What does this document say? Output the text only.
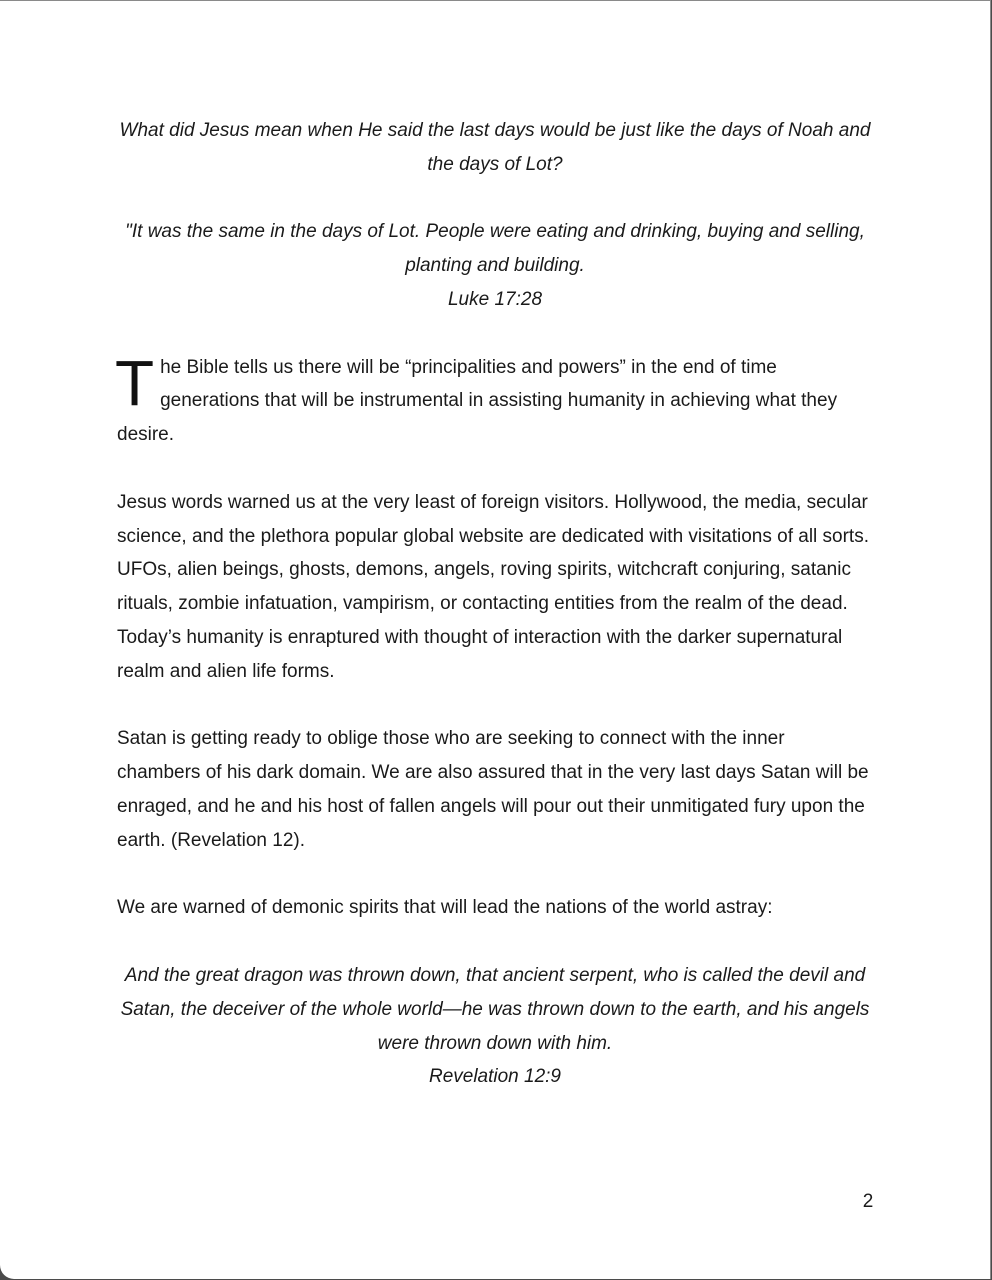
What did Jesus mean when He said the last days would be just like the days of Noah and the days of Lot?

"It was the same in the days of Lot. People were eating and drinking, buying and selling, planting and building.
Luke 17:28

The Bible tells us there will be “principalities and powers” in the end of time generations that will be instrumental in assisting humanity in achieving what they desire.

Jesus words warned us at the very least of foreign visitors. Hollywood, the media, secular science, and the plethora popular global website are dedicated with visitations of all sorts. UFOs, alien beings, ghosts, demons, angels, roving spirits, witchcraft conjuring, satanic rituals, zombie infatuation, vampirism, or contacting entities from the realm of the dead. Today’s humanity is enraptured with thought of interaction with the darker supernatural realm and alien life forms.

Satan is getting ready to oblige those who are seeking to connect with the inner chambers of his dark domain. We are also assured that in the very last days Satan will be enraged, and he and his host of fallen angels will pour out their unmitigated fury upon the earth. (Revelation 12).

We are warned of demonic spirits that will lead the nations of the world astray:

And the great dragon was thrown down, that ancient serpent, who is called the devil and Satan, the deceiver of the whole world—he was thrown down to the earth, and his angels were thrown down with him.
Revelation 12:9

2
